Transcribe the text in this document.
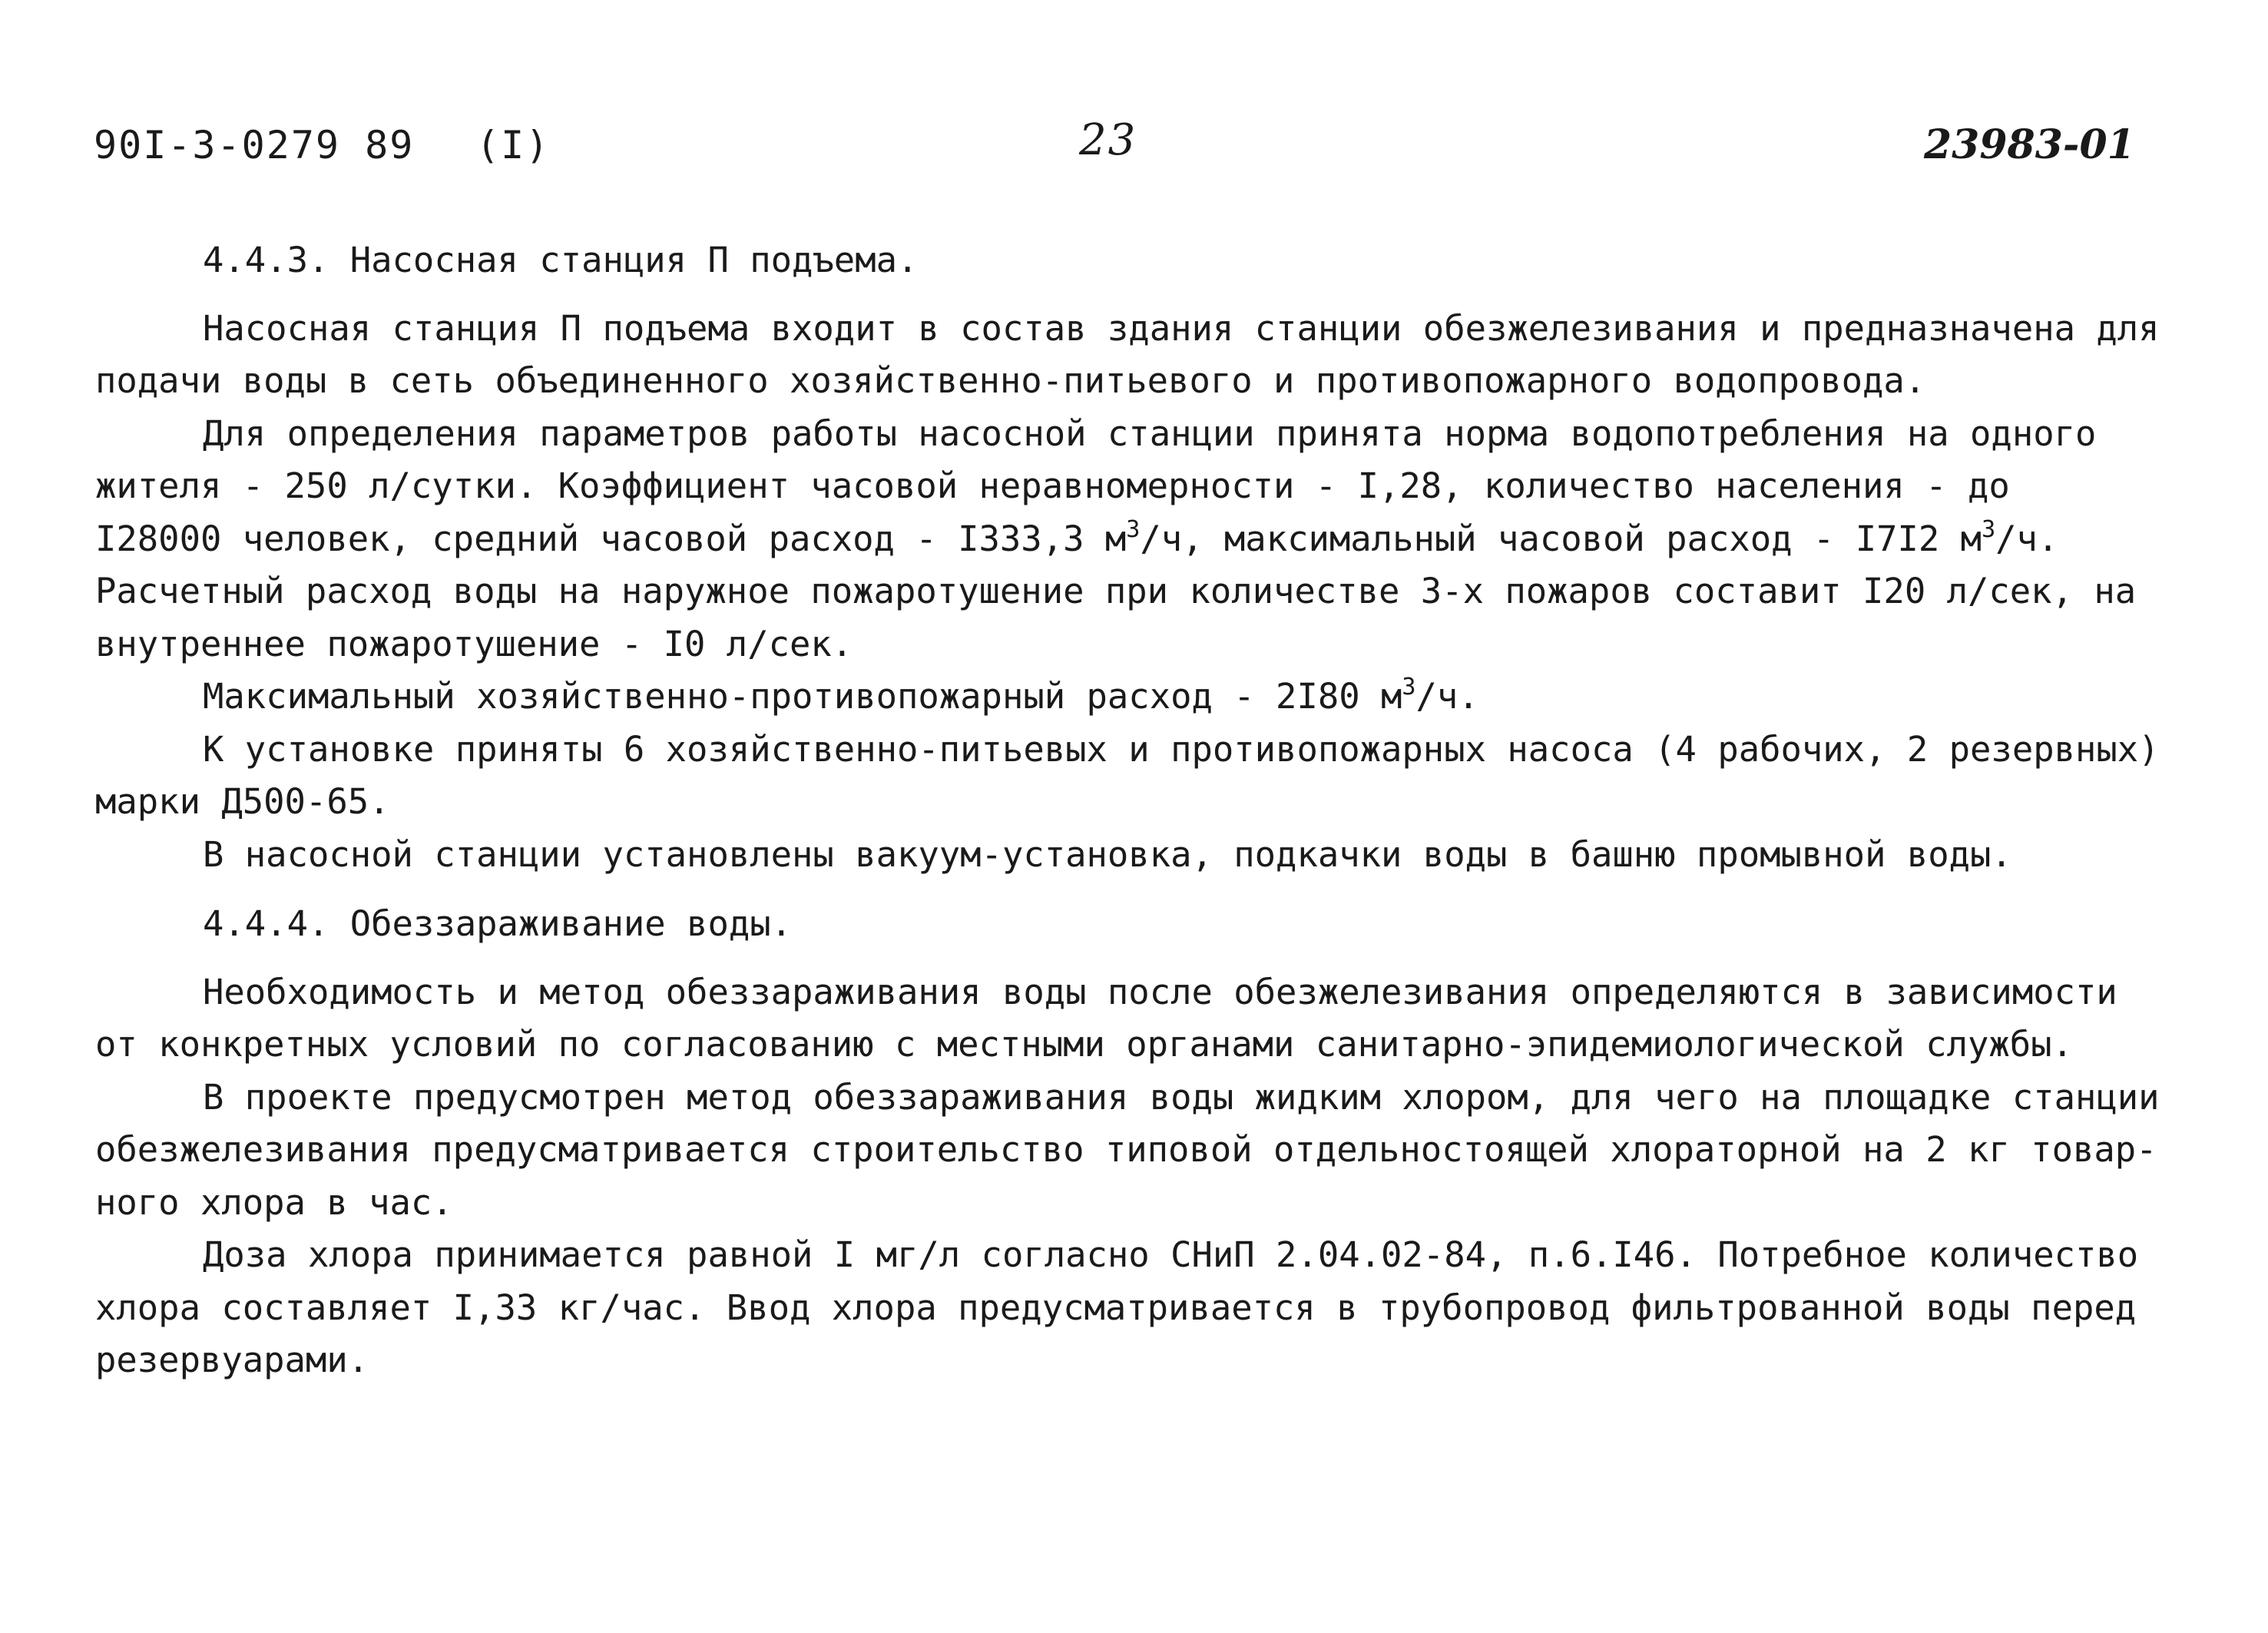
90I-3-0279 89 (I)	23	23983-01
4.4.3. Насосная станция П подъема.
Насосная станция П подъема входит в состав здания станции обезжелезивания и предназначена для
подачи воды в сеть объединенного хозяйственно-питьевого и противопожарного водопровода.
Для определения параметров работы насосной станции принята норма водопотребления на одного
жителя - 250 л/сутки. Коэффициент часовой неравномерности - I,28, количество населения - до
I28000 человек, средний часовой расход - I333,3 $м^3/ч$, максимальный часовой расход - I7I2 $м^3/ч$.
Расчетный расход воды на наружное пожаротушение при количестве 3-х пожаров составит I20 л/сек, на
внутреннее пожаротушение - I0 л/сек.
Максимальный хозяйственно-противопожарный расход - 2I80 $м^3/ч$.
К установке приняты 6 хозяйственно-питьевых и противопожарных насоса (4 рабочих, 2 резервных)
марки Д500-65.
В насосной станции установлены вакуум-установка, подкачки воды в башню промывной воды.
4.4.4. Обеззараживание воды.
Необходимость и метод обеззараживания воды после обезжелезивания определяются в зависимости
от конкретных условий по согласованию с местными органами санитарно-эпидемиологической службы.
В проекте предусмотрен метод обеззараживания воды жидким хлором, для чего на площадке станции
обезжелезивания предусматривается строительство типовой отдельностоящей хлораторной на 2 кг товар-
ного хлора в час.
Доза хлора принимается равной I мг/л согласно СНиП 2.04.02-84, п.6.I46. Потребное количество
хлора составляет I,33 кг/час. Ввод хлора предусматривается в трубопровод фильтрованной воды перед
резервуарами.
